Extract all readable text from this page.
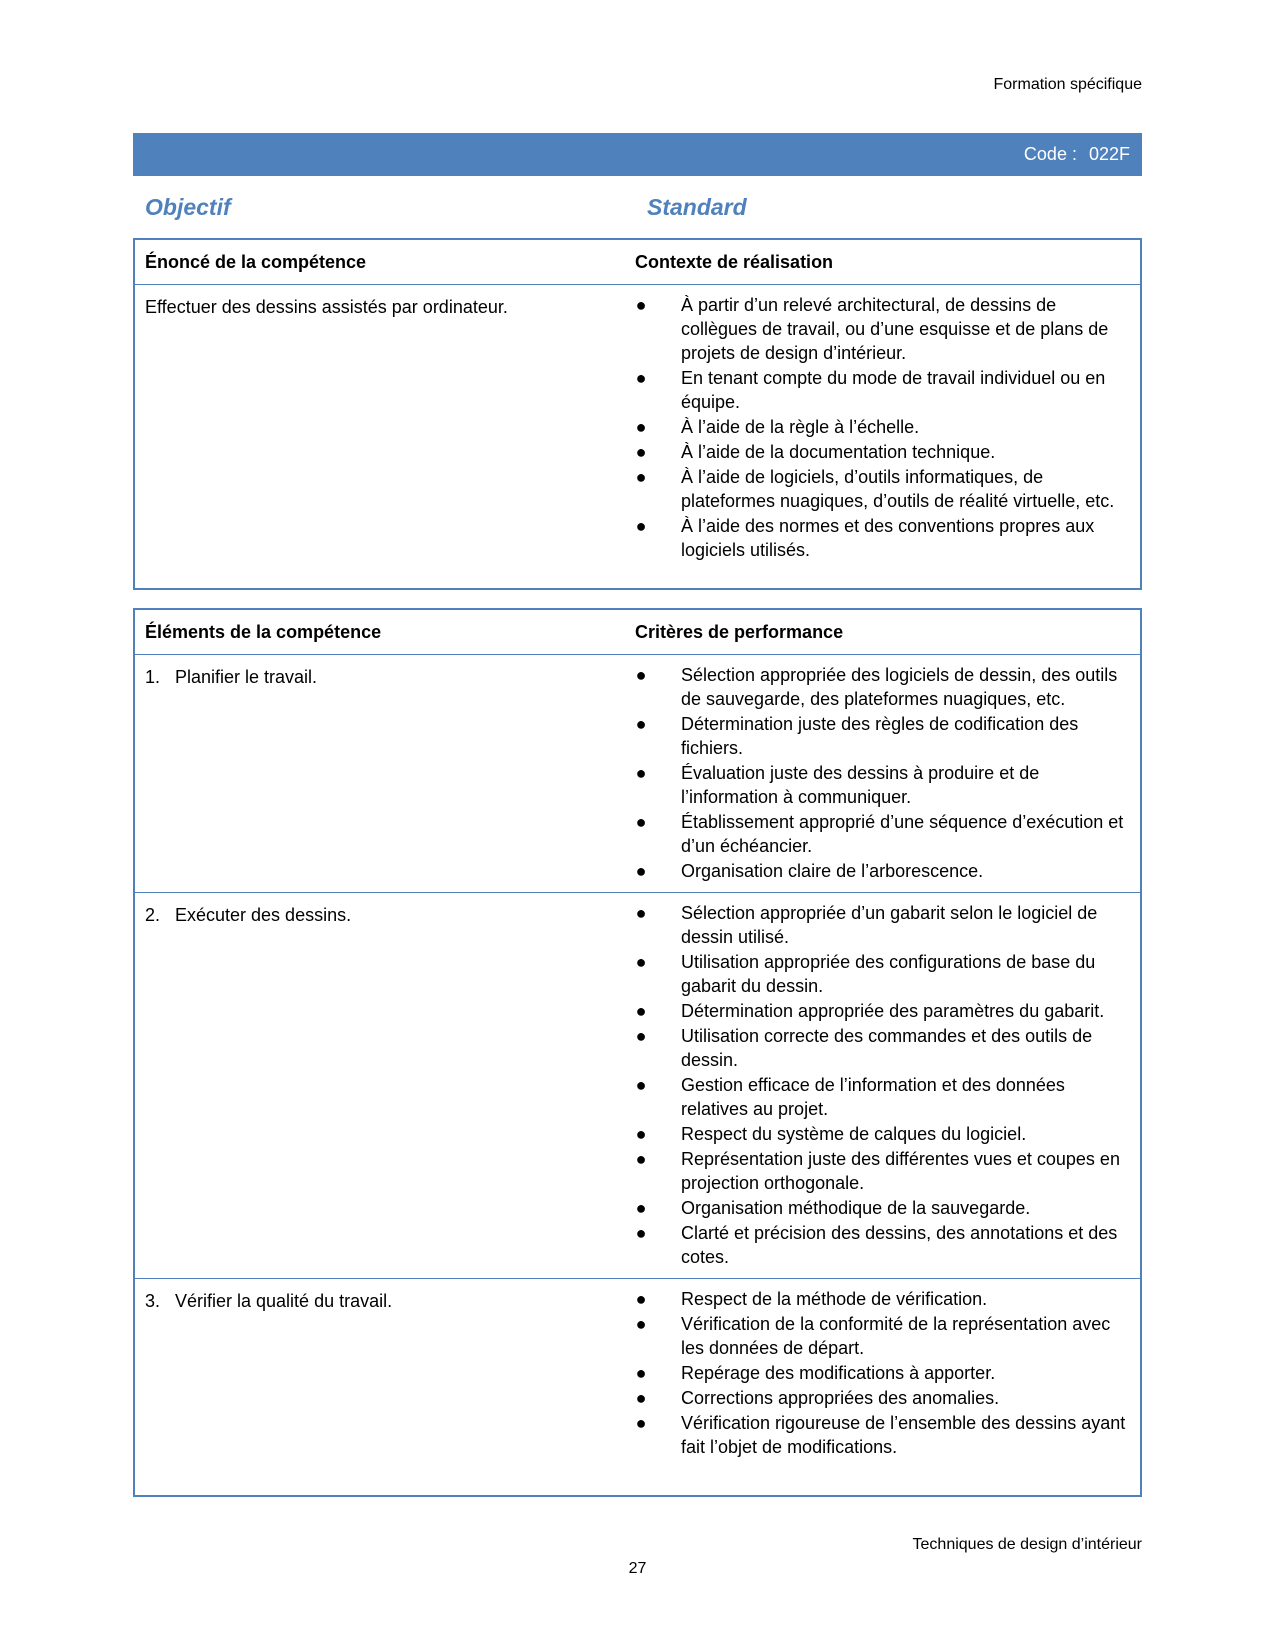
Formation spécifique
Code : 022F
Objectif	Standard
Énoncé de la compétence	Contexte de réalisation
Effectuer des dessins assistés par ordinateur.	● À partir d’un relevé architectural, de dessins de collègues de travail, ou d’une esquisse et de plans de projets de design d’intérieur.
● En tenant compte du mode de travail individuel ou en équipe.
● À l’aide de la règle à l’échelle.
● À l’aide de la documentation technique.
● À l’aide de logiciels, d’outils informatiques, de plateformes nuagiques, d’outils de réalité virtuelle, etc.
● À l’aide des normes et des conventions propres aux logiciels utilisés.
Éléments de la compétence	Critères de performance
1. Planifier le travail.	● Sélection appropriée des logiciels de dessin, des outils de sauvegarde, des plateformes nuagiques, etc.
● Détermination juste des règles de codification des fichiers.
● Évaluation juste des dessins à produire et de l’information à communiquer.
● Établissement approprié d’une séquence d’exécution et d’un échéancier.
● Organisation claire de l’arborescence.
2. Exécuter des dessins.	● Sélection appropriée d’un gabarit selon le logiciel de dessin utilisé.
● Utilisation appropriée des configurations de base du gabarit du dessin.
● Détermination appropriée des paramètres du gabarit.
● Utilisation correcte des commandes et des outils de dessin.
● Gestion efficace de l’information et des données relatives au projet.
● Respect du système de calques du logiciel.
● Représentation juste des différentes vues et coupes en projection orthogonale.
● Organisation méthodique de la sauvegarde.
● Clarté et précision des dessins, des annotations et des cotes.
3. Vérifier la qualité du travail.	● Respect de la méthode de vérification.
● Vérification de la conformité de la représentation avec les données de départ.
● Repérage des modifications à apporter.
● Corrections appropriées des anomalies.
● Vérification rigoureuse de l’ensemble des dessins ayant fait l’objet de modifications.
Techniques de design d’intérieur
27
